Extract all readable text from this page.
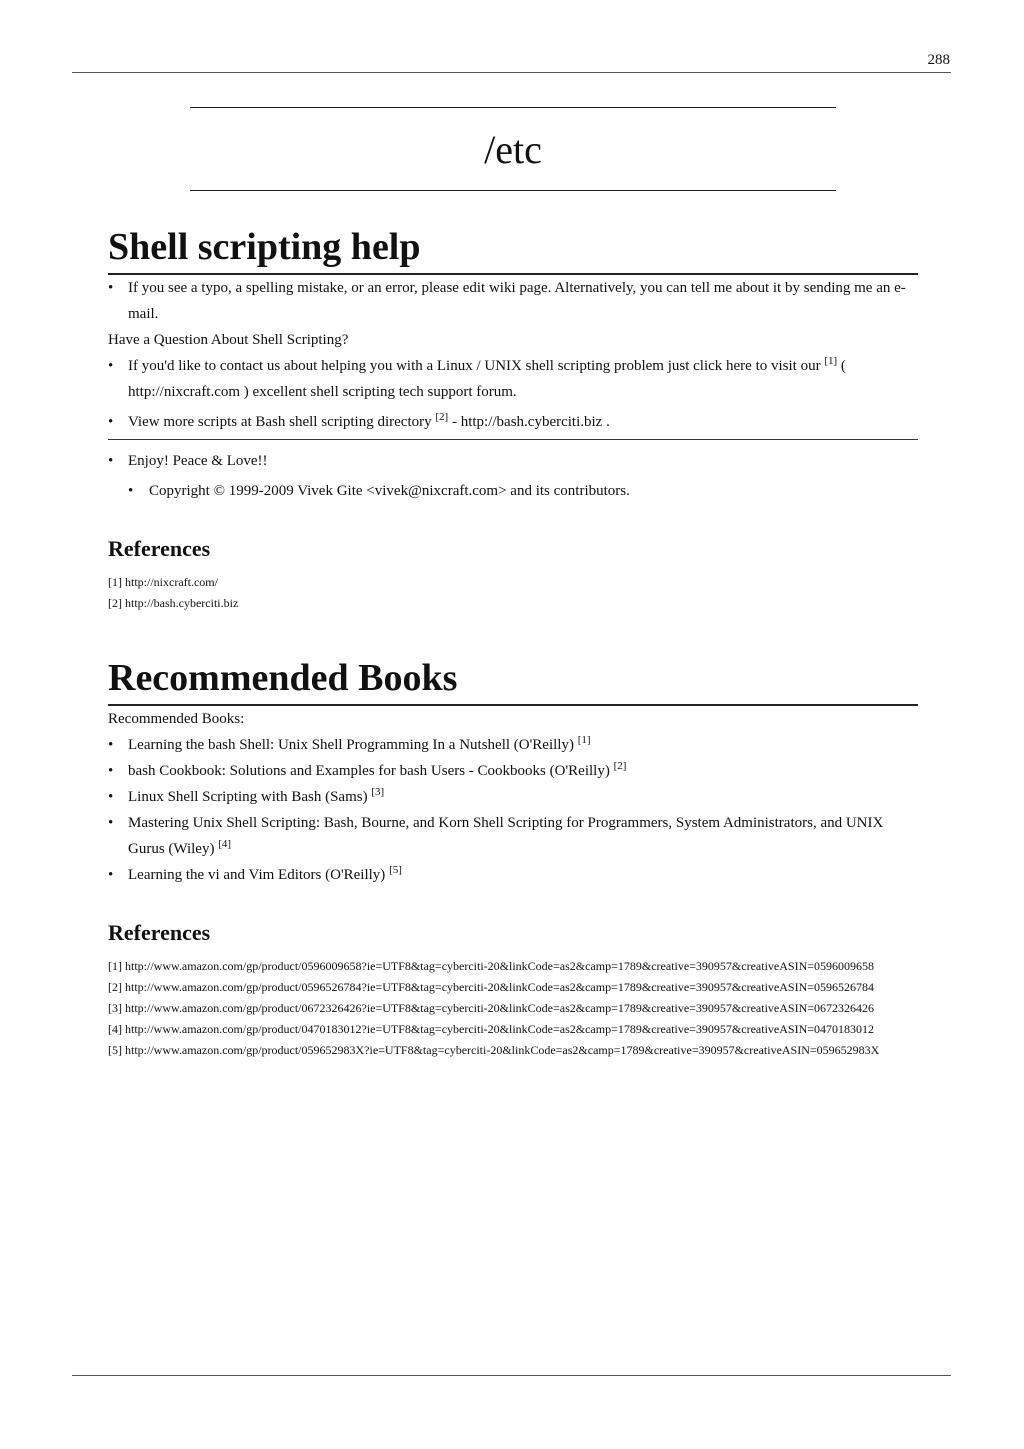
288
/etc
Shell scripting help
• If you see a typo, a spelling mistake, or an error, please edit wiki page. Alternatively, you can tell me about it by sending me an e-mail.

Have a Question About Shell Scripting?

• If you'd like to contact us about helping you with a Linux / UNIX shell scripting problem just click here to visit our [1] ( http://nixcraft.com ) excellent shell scripting tech support forum.
• View more scripts at Bash shell scripting directory [2] - http://bash.cyberciti.biz .
• Enjoy! Peace & Love!!
• Copyright © 1999-2009 Vivek Gite <vivek@nixcraft.com> and its contributors.
References
[1] http://nixcraft.com/
[2] http://bash.cyberciti.biz
Recommended Books

Recommended Books:

• Learning the bash Shell: Unix Shell Programming In a Nutshell (O'Reilly) [1]
• bash Cookbook: Solutions and Examples for bash Users - Cookbooks (O'Reilly) [2]
• Linux Shell Scripting with Bash (Sams) [3]
• Mastering Unix Shell Scripting: Bash, Bourne, and Korn Shell Scripting for Programmers, System Administrators, and UNIX Gurus (Wiley) [4]
• Learning the vi and Vim Editors (O'Reilly) [5]
References
[1] http://www.amazon.com/gp/product/0596009658?ie=UTF8&tag=cyberciti-20&linkCode=as2&camp=1789&creative=390957&creativeASIN=0596009658
[2] http://www.amazon.com/gp/product/0596526784?ie=UTF8&tag=cyberciti-20&linkCode=as2&camp=1789&creative=390957&creativeASIN=0596526784
[3] http://www.amazon.com/gp/product/0672326426?ie=UTF8&tag=cyberciti-20&linkCode=as2&camp=1789&creative=390957&creativeASIN=0672326426
[4] http://www.amazon.com/gp/product/0470183012?ie=UTF8&tag=cyberciti-20&linkCode=as2&camp=1789&creative=390957&creativeASIN=0470183012
[5] http://www.amazon.com/gp/product/059652983X?ie=UTF8&tag=cyberciti-20&linkCode=as2&camp=1789&creative=390957&creativeASIN=059652983X
